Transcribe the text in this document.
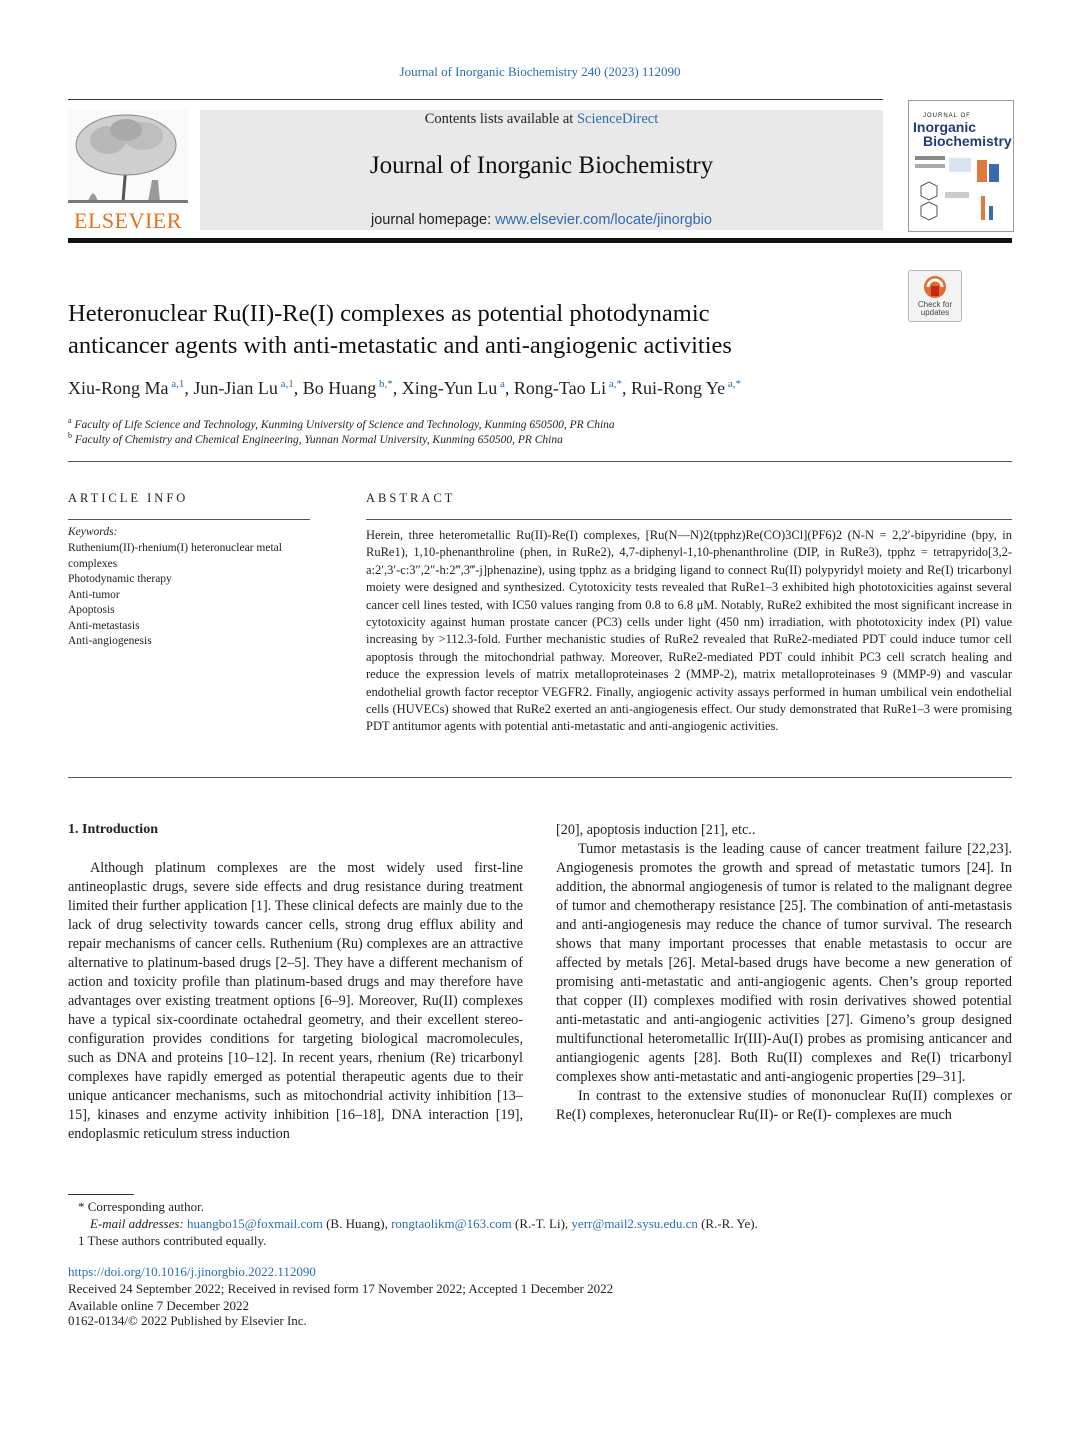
Journal of Inorganic Biochemistry 240 (2023) 112090
ELSEVIER
Contents lists available at ScienceDirect
Journal of Inorganic Biochemistry
journal homepage: www.elsevier.com/locate/jinorgbio
JOURNAL OF
Inorganic
Biochemistry
Check for updates
Heteronuclear Ru(II)-Re(I) complexes as potential photodynamic
anticancer agents with anti-metastatic and anti-angiogenic activities
Xiu-Rong Ma $^{a,1}$, Jun-Jian Lu $^{a,1}$, Bo Huang $^{b,*}$, Xing-Yun Lu $^a$, Rong-Tao Li $^{a,*}$, Rui-Rong Ye $^{a,*}$
$^a$ Faculty of Life Science and Technology, Kunming University of Science and Technology, Kunming 650500, PR China
$^b$ Faculty of Chemistry and Chemical Engineering, Yunnan Normal University, Kunming 650500, PR China
ARTICLE INFO
Keywords:
Ruthenium(II)-rhenium(I) heteronuclear metal complexes
Photodynamic therapy
Anti-tumor
Apoptosis
Anti-metastasis
Anti-angiogenesis
ABSTRACT
Herein, three heterometallic Ru(II)-Re(I) complexes, [Ru(N—N)2(tpphz)Re(CO)3Cl](PF6)2 (N-N = 2,2′-bipyridine (bpy, in RuRe1), 1,10-phenanthroline (phen, in RuRe2), 4,7-diphenyl-1,10-phenanthroline (DIP, in RuRe3), tpphz = tetrapyrido[3,2-a:2′,3′-c:3″,2″-h:2‴,3‴-j]phenazine), using tpphz as a bridging ligand to connect Ru(II) polypyridyl moiety and Re(I) tricarbonyl moiety were designed and synthesized. Cytotoxicity tests revealed that RuRe1–3 exhibited high phototoxicities against several cancer cell lines tested, with IC50 values ranging from 0.8 to 6.8 μM. Notably, RuRe2 exhibited the most significant increase in cytotoxicity against human prostate cancer (PC3) cells under light (450 nm) irradiation, with phototoxicity index (PI) value increasing by >112.3-fold. Further mechanistic studies of RuRe2 revealed that RuRe2-mediated PDT could induce tumor cell apoptosis through the mitochondrial pathway. Moreover, RuRe2-mediated PDT could inhibit PC3 cell scratch healing and reduce the expression levels of matrix metalloproteinases 2 (MMP-2), matrix metalloproteinases 9 (MMP-9) and vascular endothelial growth factor receptor VEGFR2. Finally, angiogenic activity assays performed in human umbilical vein endothelial cells (HUVECs) showed that RuRe2 exerted an anti-angiogenesis effect. Our study demonstrated that RuRe1–3 were promising PDT antitumor agents with potential anti-metastatic and anti-angiogenic activities.
1. Introduction

Although platinum complexes are the most widely used first-line antineoplastic drugs, severe side effects and drug resistance during treatment limited their further application [1]. These clinical defects are mainly due to the lack of drug selectivity towards cancer cells, strong drug efflux ability and repair mechanisms of cancer cells. Ruthenium (Ru) complexes are an attractive alternative to platinum-based drugs [2–5]. They have a different mechanism of action and toxicity profile than platinum-based drugs and may therefore have advantages over existing treatment options [6–9]. Moreover, Ru(II) complexes have a typical six-coordinate octahedral geometry, and their excellent stereo-configuration provides conditions for targeting biological macromolecules, such as DNA and proteins [10–12]. In recent years, rhenium (Re) tricarbonyl complexes have rapidly emerged as potential therapeutic agents due to their unique anticancer mechanisms, such as mitochondrial activity inhibition [13–15], kinases and enzyme activity inhibition [16–18], DNA interaction [19], endoplasmic reticulum stress induction

[20], apoptosis induction [21], etc..

Tumor metastasis is the leading cause of cancer treatment failure [22,23]. Angiogenesis promotes the growth and spread of metastatic tumors [24]. In addition, the abnormal angiogenesis of tumor is related to the malignant degree of tumor and chemotherapy resistance [25]. The combination of anti-metastasis and anti-angiogenesis may reduce the chance of tumor survival. The research shows that many important processes that enable metastasis to occur are affected by metals [26]. Metal-based drugs have become a new generation of promising anti-metastatic and anti-angiogenic agents. Chen’s group reported that copper (II) complexes modified with rosin derivatives showed potential anti-metastatic and anti-angiogenic activities [27]. Gimeno’s group designed multifunctional heterometallic Ir(III)-Au(I) probes as promising anticancer and antiangiogenic agents [28]. Both Ru(II) complexes and Re(I) tricarbonyl complexes show anti-metastatic and anti-angiogenic properties [29–31].

In contrast to the extensive studies of mononuclear Ru(II) complexes or Re(I) complexes, heteronuclear Ru(II)- or Re(I)- complexes are much

* Corresponding author.
E-mail addresses: huangbo15@foxmail.com (B. Huang), rongtaolikm@163.com (R.-T. Li), yerr@mail2.sysu.edu.cn (R.-R. Ye).
1 These authors contributed equally.
https://doi.org/10.1016/j.jinorgbio.2022.112090
Received 24 September 2022; Received in revised form 17 November 2022; Accepted 1 December 2022
Available online 7 December 2022
0162-0134/© 2022 Published by Elsevier Inc.
